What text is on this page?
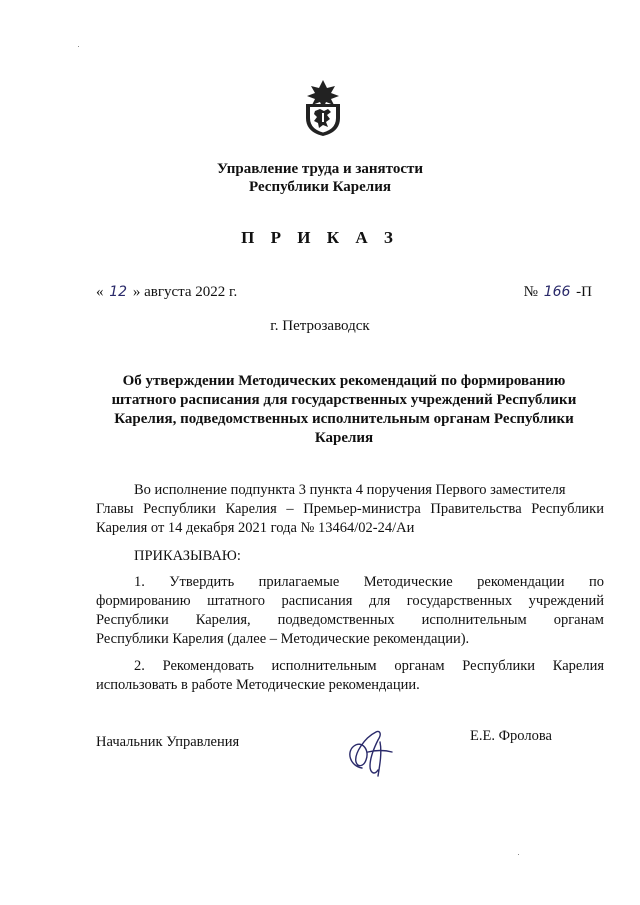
Управление труда и занятости
Республики Карелия
П Р И К А З
« 12 » августа 2022 г.	№ 166 -П
г. Петрозаводск
Об утверждении Методических рекомендаций по формированию
штатного расписания для государственных учреждений Республики
Карелия, подведомственных исполнительным органам Республики
Карелия
Во исполнение подпункта 3 пункта 4 поручения Первого заместителя
Главы Республики Карелия – Премьер-министра Правительства Республики
Карелия от 14 декабря 2021 года № 13464/02-24/Аи
ПРИКАЗЫВАЮ:
1. Утвердить прилагаемые Методические рекомендации по
формированию штатного расписания для государственных учреждений
Республики Карелия, подведомственных исполнительным органам
Республики Карелия (далее – Методические рекомендации).
2. Рекомендовать исполнительным органам Республики Карелия
использовать в работе Методические рекомендации.
Начальник Управления	Е.Е. Фролова
